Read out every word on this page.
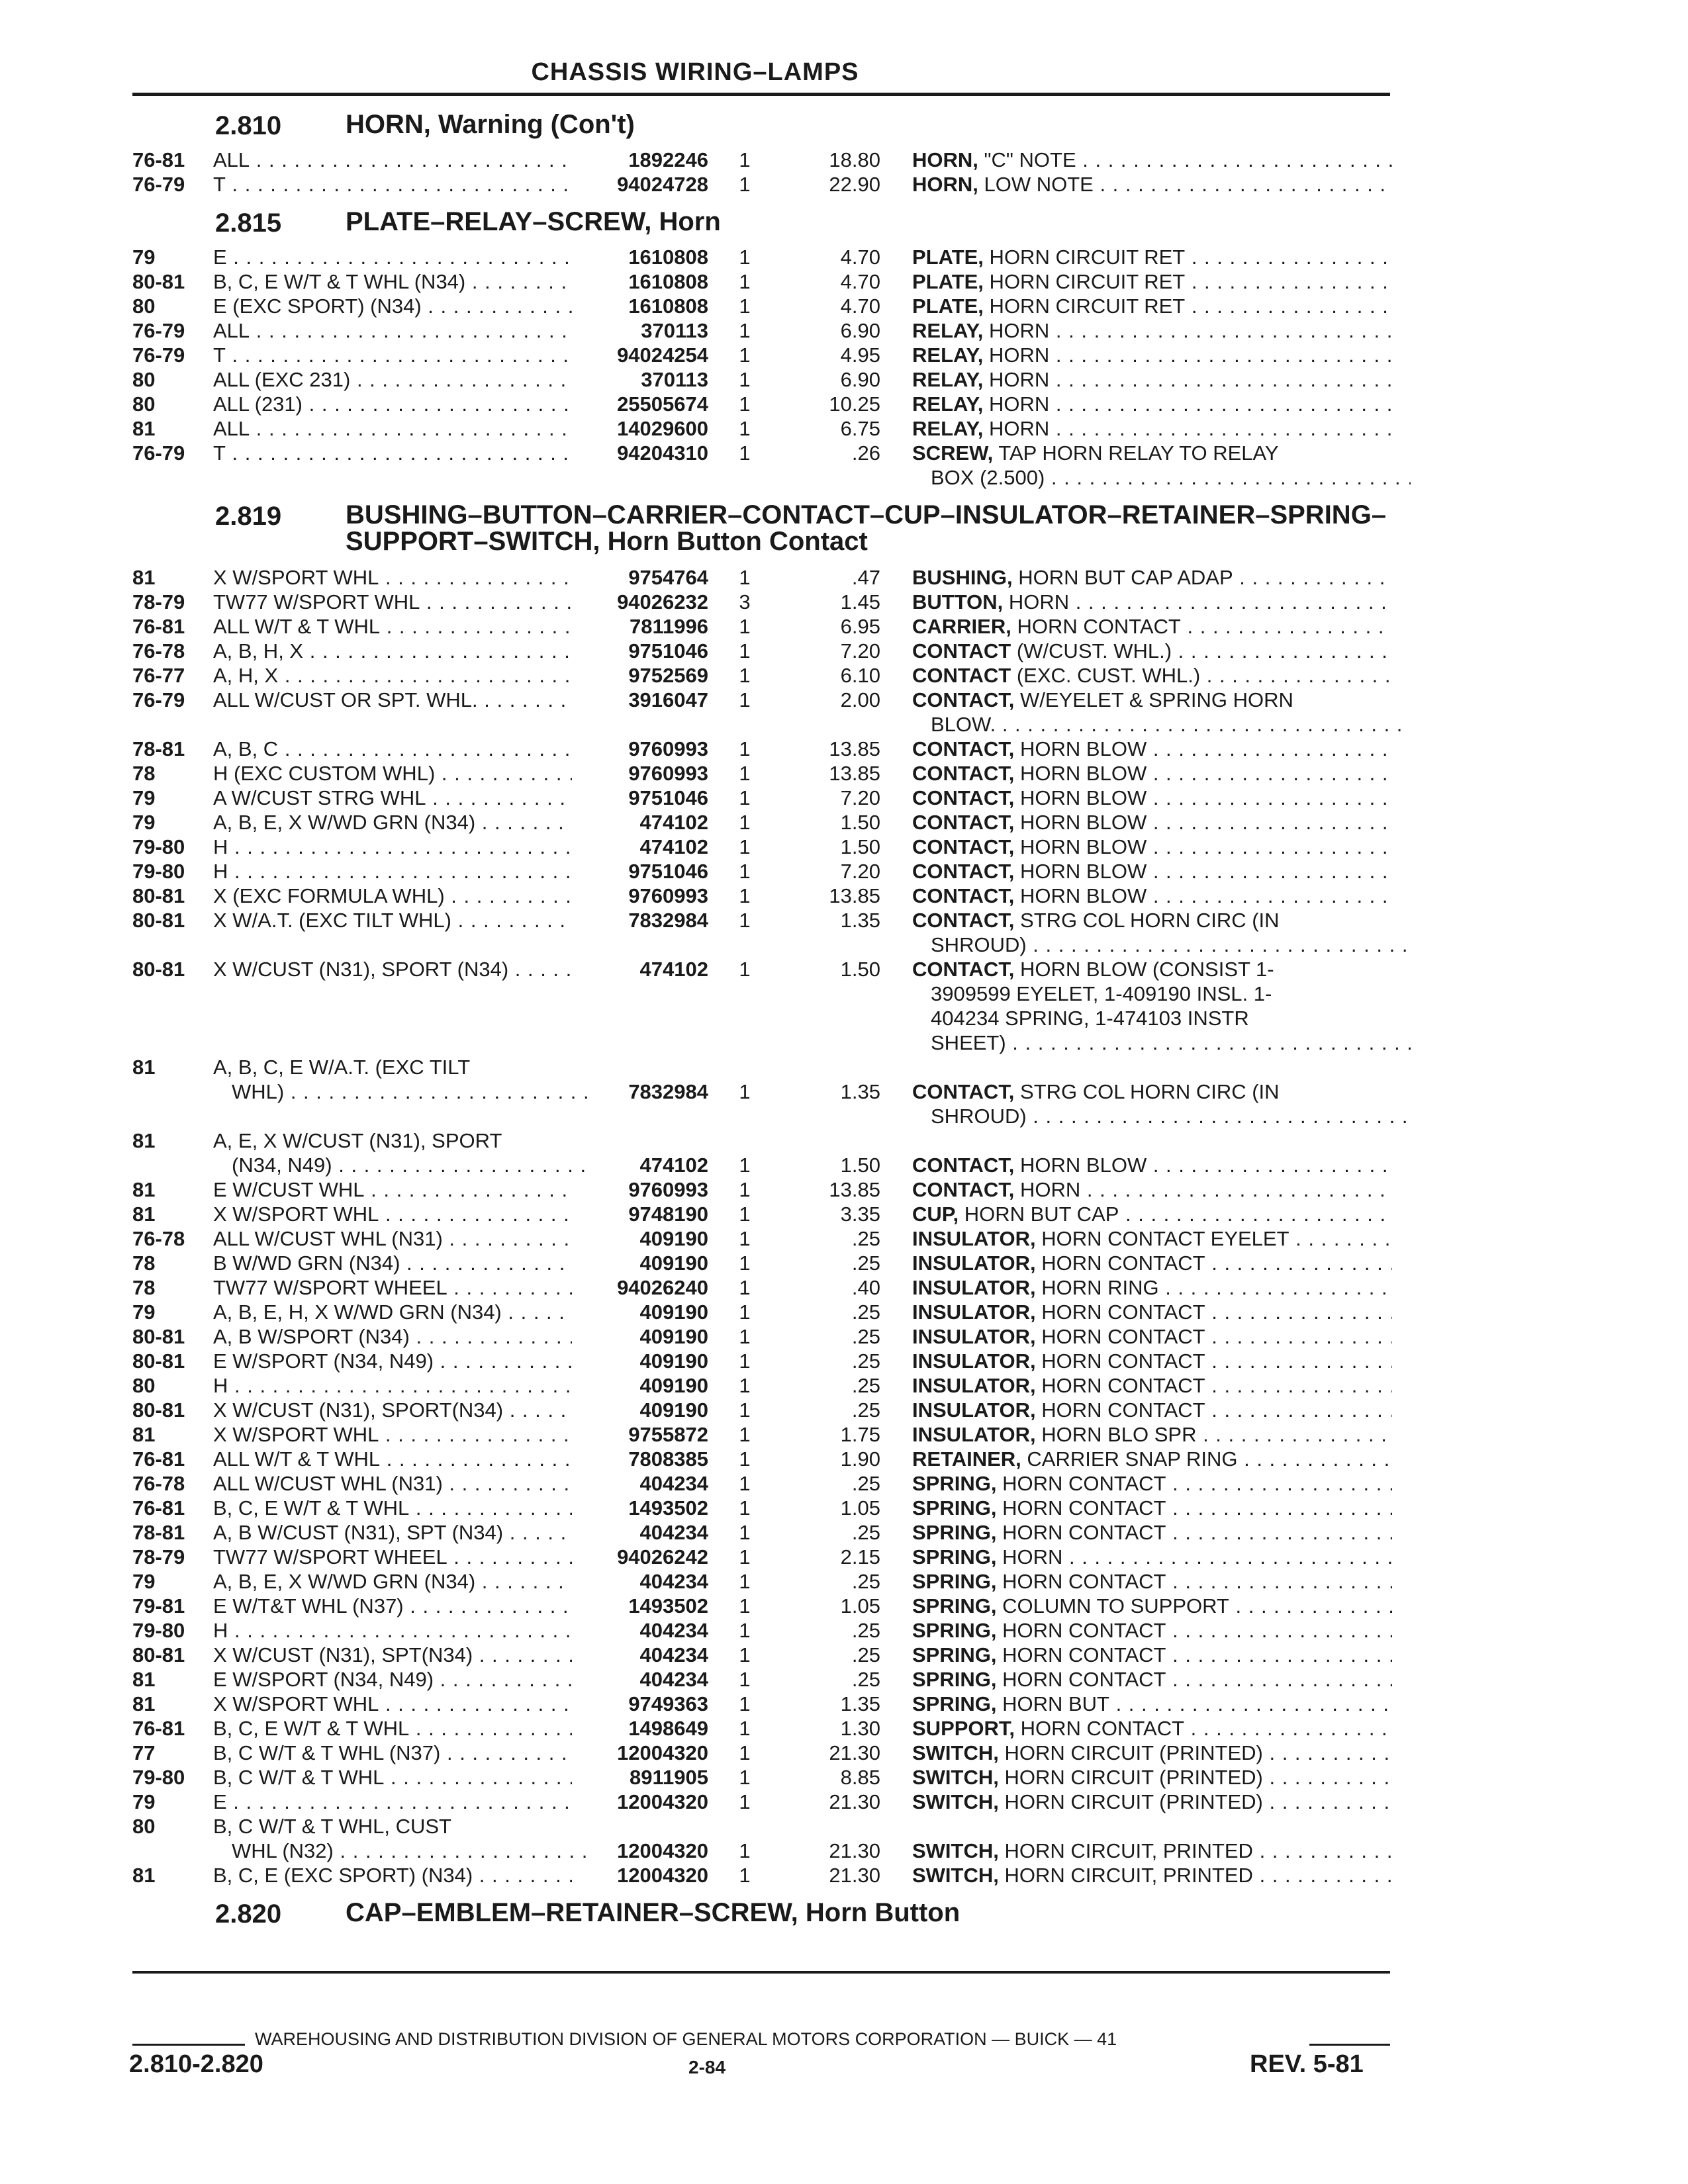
CHASSIS WIRING–LAMPS
2.810 HORN, Warning (Con't)
76-81 ALL . . .	1892246	1	18.80 HORN, "C" NOTE . . .
76-79 T . . .	94024728	1	22.90 HORN, LOW NOTE . . .
2.815 PLATE–RELAY–SCREW, Horn
79	E . . .	1610808	1	4.70 PLATE, HORN CIRCUIT RET . . .
80-81 B, C, E W/T & T WHL (N34) . . .	1610808	1	4.70 PLATE, HORN CIRCUIT RET . . .
80	E (EXC SPORT) (N34) . . .	1610808	1	4.70 PLATE, HORN CIRCUIT RET . . .
76-79 ALL . . .	370113	1	6.90 RELAY, HORN . . .
76-79 T . . .	94024254	1	4.95 RELAY, HORN . . .
80	ALL (EXC 231) . . .	370113	1	6.90 RELAY, HORN . . .
80	ALL (231) . . .	25505674	1	10.25 RELAY, HORN . . .
81	ALL . . .	14029600	1	6.75 RELAY, HORN . . .
76-79 T . . .	94204310	1	.26 SCREW, TAP HORN RELAY TO RELAY
BOX (2.500) . . .
2.819 BUSHING–BUTTON–CARRIER–CONTACT–CUP–INSULATOR–RETAINER–SPRING–SUPPORT–SWITCH, Horn Button Contact
81	X W/SPORT WHL . . .	9754764	1	.47 BUSHING, HORN BUT CAP ADAP . . .
78-79 TW77 W/SPORT WHL . . .	94026232	3	1.45 BUTTON, HORN . . .
76-81 ALL W/T & T WHL . . .	7811996	1	6.95 CARRIER, HORN CONTACT . . .
76-78 A, B, H, X . . .	9751046	1	7.20 CONTACT (W/CUST. WHL.) . . .
76-77 A, H, X . . .	9752569	1	6.10 CONTACT (EXC. CUST. WHL.) . . .
76-79 ALL W/CUST OR SPT. WHL. . . .	3916047	1	2.00 CONTACT, W/EYELET & SPRING HORN
BLOW. . . .
78-81 A, B, C . . .	9760993	1	13.85 CONTACT, HORN BLOW . . .
78	H (EXC CUSTOM WHL) . . .	9760993	1	13.85 CONTACT, HORN BLOW . . .
79	A W/CUST STRG WHL . . .	9751046	1	7.20 CONTACT, HORN BLOW . . .
79	A, B, E, X W/WD GRN (N34) . . .	474102	1	1.50 CONTACT, HORN BLOW . . .
79-80 H . . .	474102	1	1.50 CONTACT, HORN BLOW . . .
79-80 H . . .	9751046	1	7.20 CONTACT, HORN BLOW . . .
80-81 X (EXC FORMULA WHL) . . .	9760993	1	13.85 CONTACT, HORN BLOW . . .
80-81 X W/A.T. (EXC TILT WHL) . . .	7832984	1	1.35 CONTACT, STRG COL HORN CIRC (IN
SHROUD) . . .
80-81 X W/CUST (N31), SPORT (N34) . . .	474102	1	1.50 CONTACT, HORN BLOW (CONSIST 1-
3909599 EYELET, 1-409190 INSL. 1-
404234 SPRING, 1-474103 INSTR
SHEET) . . .
81	A, B, C, E W/A.T. (EXC TILT
WHL) . . .	7832984	1	1.35 CONTACT, STRG COL HORN CIRC (IN
SHROUD) . . .
81	A, E, X W/CUST (N31), SPORT
(N34, N49) . . .	474102	1	1.50 CONTACT, HORN BLOW . . .
81	E W/CUST WHL . . .	9760993	1	13.85 CONTACT, HORN . . .
81	X W/SPORT WHL . . .	9748190	1	3.35 CUP, HORN BUT CAP . . .
76-78 ALL W/CUST WHL (N31) . . .	409190	1	.25 INSULATOR, HORN CONTACT EYELET . . .
78	B W/WD GRN (N34) . . .	409190	1	.25 INSULATOR, HORN CONTACT . . .
78	TW77 W/SPORT WHEEL . . .	94026240	1	.40 INSULATOR, HORN RING . . .
79	A, B, E, H, X W/WD GRN (N34) . . .	409190	1	.25 INSULATOR, HORN CONTACT . . .
80-81 A, B W/SPORT (N34) . . .	409190	1	.25 INSULATOR, HORN CONTACT . . .
80-81 E W/SPORT (N34, N49) . . .	409190	1	.25 INSULATOR, HORN CONTACT . . .
80	H . . .	409190	1	.25 INSULATOR, HORN CONTACT . . .
80-81 X W/CUST (N31), SPORT(N34) . . .	409190	1	.25 INSULATOR, HORN CONTACT . . .
81	X W/SPORT WHL . . .	9755872	1	1.75 INSULATOR, HORN BLO SPR . . .
76-81 ALL W/T & T WHL . . .	7808385	1	1.90 RETAINER, CARRIER SNAP RING . . .
76-78 ALL W/CUST WHL (N31) . . .	404234	1	.25 SPRING, HORN CONTACT . . .
76-81 B, C, E W/T & T WHL . . .	1493502	1	1.05 SPRING, HORN CONTACT . . .
78-81 A, B W/CUST (N31), SPT (N34) . . .	404234	1	.25 SPRING, HORN CONTACT . . .
78-79 TW77 W/SPORT WHEEL . . .	94026242	1	2.15 SPRING, HORN . . .
79	A, B, E, X W/WD GRN (N34) . . .	404234	1	.25 SPRING, HORN CONTACT . . .
79-81 E W/T&T WHL (N37) . . .	1493502	1	1.05 SPRING, COLUMN TO SUPPORT . . .
79-80 H . . .	404234	1	.25 SPRING, HORN CONTACT . . .
80-81 X W/CUST (N31), SPT(N34) . . .	404234	1	.25 SPRING, HORN CONTACT . . .
81	E W/SPORT (N34, N49) . . .	404234	1	.25 SPRING, HORN CONTACT . . .
81	X W/SPORT WHL . . .	9749363	1	1.35 SPRING, HORN BUT . . .
76-81 B, C, E W/T & T WHL . . .	1498649	1	1.30 SUPPORT, HORN CONTACT . . .
77	B, C W/T & T WHL (N37) . . .	12004320	1	21.30 SWITCH, HORN CIRCUIT (PRINTED) . . .
79-80 B, C W/T & T WHL . . .	8911905	1	8.85 SWITCH, HORN CIRCUIT (PRINTED) . . .
79	E . . .	12004320	1	21.30 SWITCH, HORN CIRCUIT (PRINTED) . . .
80	B, C W/T & T WHL, CUST
WHL (N32) . . .	12004320	1	21.30 SWITCH, HORN CIRCUIT, PRINTED . . .
81	B, C, E (EXC SPORT) (N34) . . .	12004320	1	21.30 SWITCH, HORN CIRCUIT, PRINTED . . .
2.820 CAP–EMBLEM–RETAINER–SCREW, Horn Button
WAREHOUSING AND DISTRIBUTION DIVISION OF GENERAL MOTORS CORPORATION — BUICK — 41
2.810-2.820	2-84	REV. 5-81
